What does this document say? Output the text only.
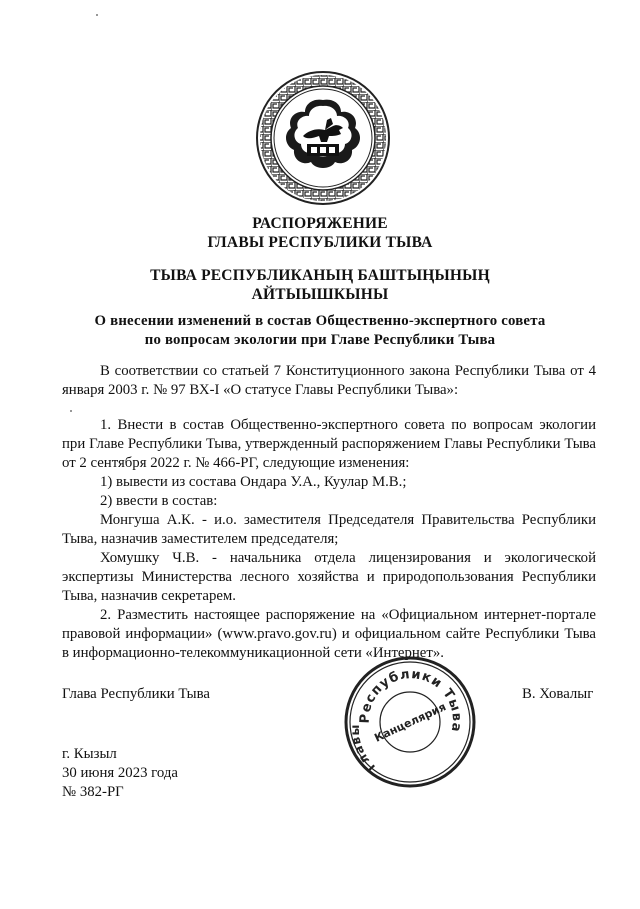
РАСПОРЯЖЕНИЕ
ГЛАВЫ РЕСПУБЛИКИ ТЫВА
ТЫВА РЕСПУБЛИКАНЫҢ БАШТЫҢЫНЫҢ
АЙТЫЫШКЫНЫ
О внесении изменений в состав Общественно-экспертного совета
по вопросам экологии при Главе Республики Тыва

В соответствии со статьей 7 Конституционного закона Республики Тыва от 4 января 2003 г. № 97 ВХ-I «О статусе Главы Республики Тыва»:

1. Внести в состав Общественно-экспертного совета по вопросам экологии при Главе Республики Тыва, утвержденный распоряжением Главы Республики Тыва от 2 сентября 2022 г. № 466-РГ, следующие изменения:

1) вывести из состава Ондара У.А., Куулар М.В.;

2) ввести в состав:

Монгуша А.К. - и.о. заместителя Председателя Правительства Республики Тыва, назначив заместителем председателя;

Хомушку Ч.В. - начальника отдела лицензирования и экологической экспертизы Министерства лесного хозяйства и природопользования Республики Тыва, назначив секретарем.

2. Разместить настоящее распоряжение на «Официальном интернет-портале правовой информации» (www.pravo.gov.ru) и официальном сайте Республики Тыва в информационно-телекоммуникационной сети «Интернет».

Глава Республики Тыва	В. Ховалыг
Республики Тыва
Главы Канцелярия
г. Кызыл
30 июня 2023 года
№ 382-РГ
